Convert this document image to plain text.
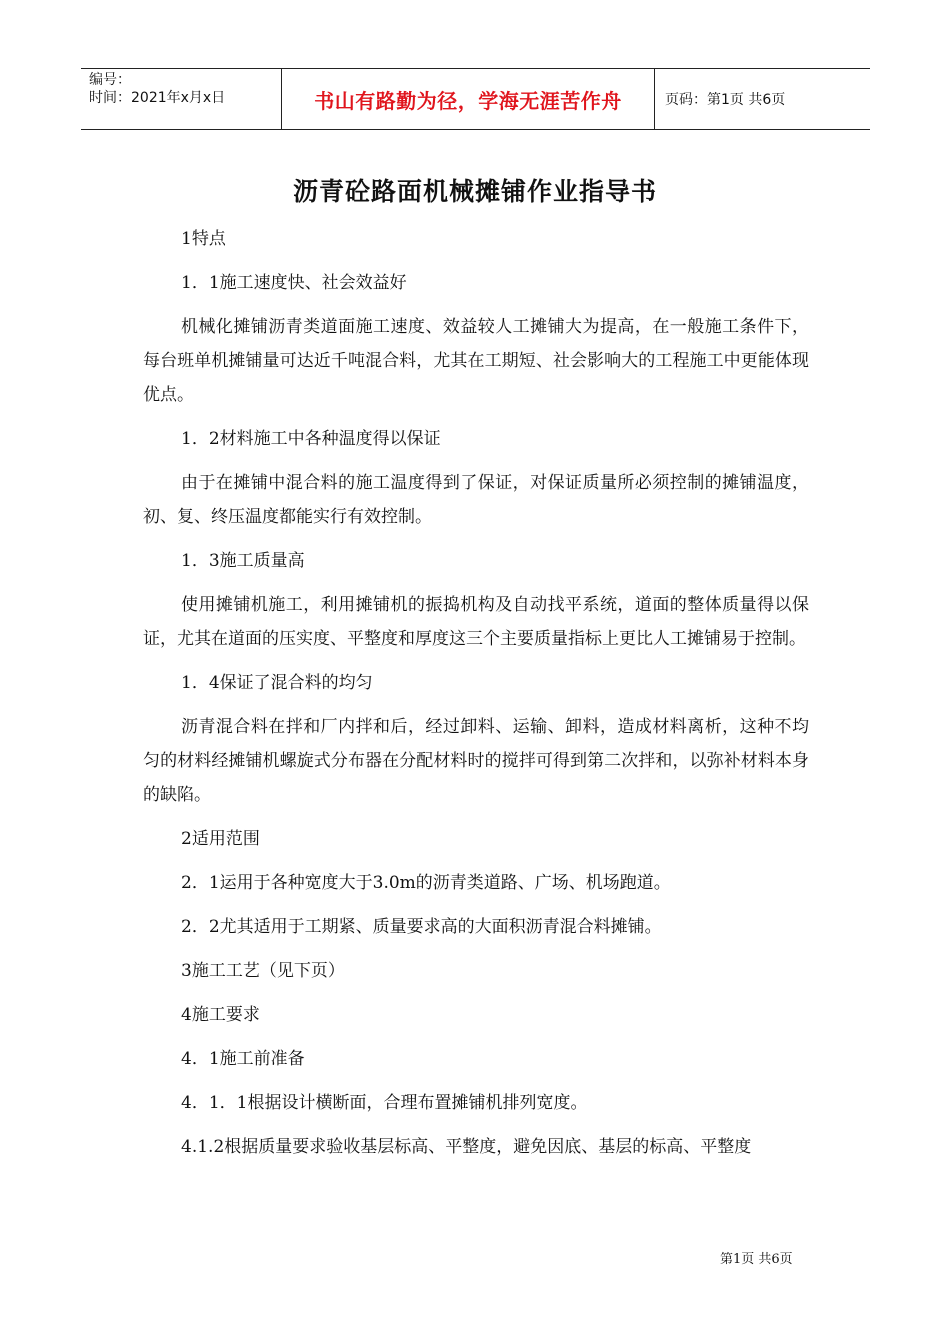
编号：
时间：2021年x月x日	书山有路勤为径，学海无涯苦作舟	页码：第1页 共6页
沥青砼路面机械摊铺作业指导书

1特点

1．1施工速度快、社会效益好

机械化摊铺沥青类道面施工速度、效益较人工摊铺大为提高，在一般施工条件下，每台班单机摊铺量可达近千吨混合料，尤其在工期短、社会影响大的工程施工中更能体现优点。

1．2材料施工中各种温度得以保证

由于在摊铺中混合料的施工温度得到了保证，对保证质量所必须控制的摊铺温度，初、复、终压温度都能实行有效控制。

1．3施工质量高

使用摊铺机施工，利用摊铺机的振捣机构及自动找平系统，道面的整体质量得以保证，尤其在道面的压实度、平整度和厚度这三个主要质量指标上更比人工摊铺易于控制。

1．4保证了混合料的均匀

沥青混合料在拌和厂内拌和后，经过卸料、运输、卸料，造成材料离析，这种不均匀的材料经摊铺机螺旋式分布器在分配材料时的搅拌可得到第二次拌和，以弥补材料本身的缺陷。

2适用范围

2．1运用于各种宽度大于3.0m的沥青类道路、广场、机场跑道。

2．2尤其适用于工期紧、质量要求高的大面积沥青混合料摊铺。

3施工工艺（见下页）

4施工要求

4．1施工前准备

4．1．1根据设计横断面，合理布置摊铺机排列宽度。

4.1.2根据质量要求验收基层标高、平整度，避免因底、基层的标高、平整度

第1页 共6页
